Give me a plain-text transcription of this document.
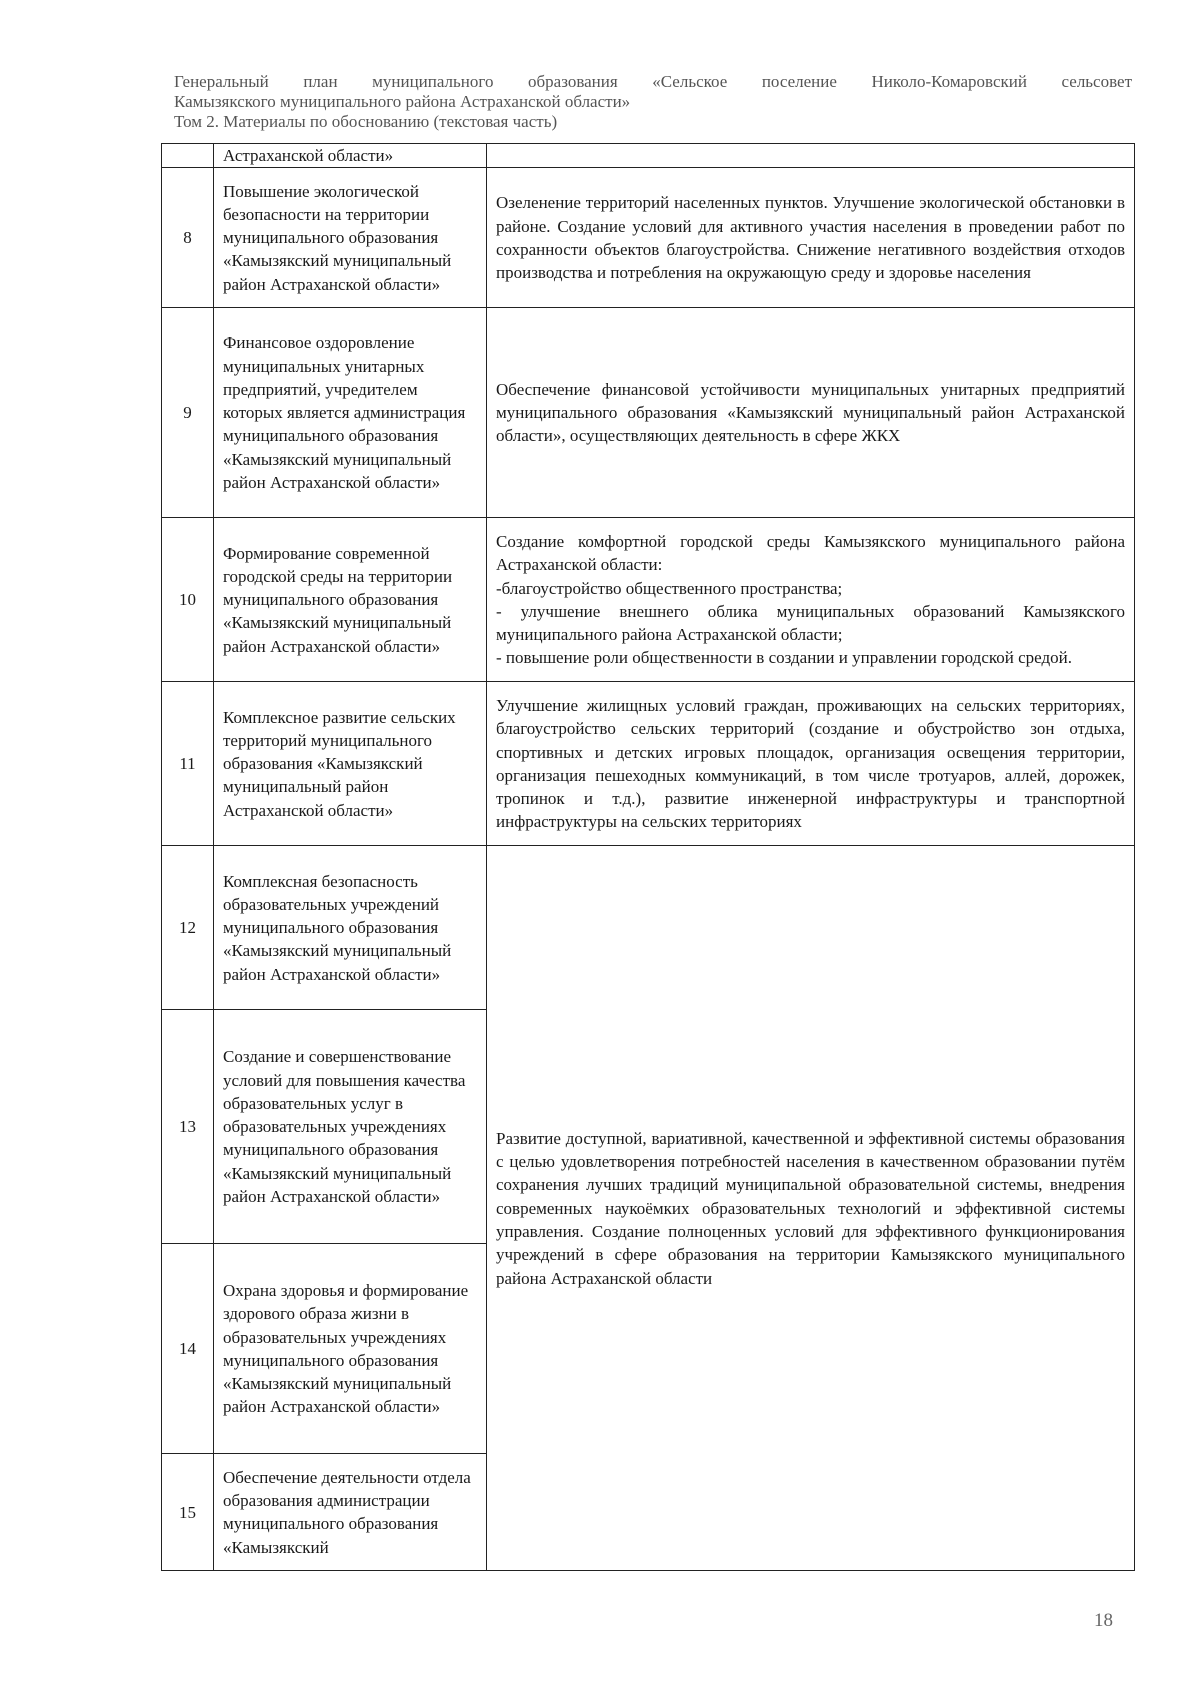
Генеральный план муниципального образования «Сельское поселение Николо-Комаровский сельсовет
Камызякского муниципального района Астраханской области»
Том 2. Материалы по обоснованию (текстовая часть)
	Астраханской области»	
8	Повышение экологической безопасности на территории муниципального образования «Камызякский муниципальный район Астраханской области»	Озеленение территорий населенных пунктов. Улучшение экологической обстановки в районе. Создание условий для активного участия населения в проведении работ по сохранности объектов благоустройства. Снижение негативного воздействия отходов производства и потребления на окружающую среду и здоровье населения
9	Финансовое оздоровление муниципальных унитарных предприятий, учредителем которых является администрация муниципального образования «Камызякский муниципальный район Астраханской области»	Обеспечение финансовой устойчивости муниципальных унитарных предприятий муниципального образования «Камызякский муниципальный район Астраханской области», осуществляющих деятельность в сфере ЖКХ
10	Формирование современной городской среды на территории муниципального образования «Камызякский муниципальный район Астраханской области»	Создание комфортной городской среды Камызякского муниципального района Астраханской области:
-благоустройство общественного пространства;
- улучшение внешнего облика муниципальных образований Камызякского муниципального района Астраханской области;
- повышение роли общественности в создании и управлении городской средой.

11	Комплексное развитие сельских территорий муниципального образования «Камызякский муниципальный район Астраханской области»	Улучшение жилищных условий граждан, проживающих на сельских территориях, благоустройство сельских территорий (создание и обустройство зон отдыха, спортивных и детских игровых площадок, организация освещения территории, организация пешеходных коммуникаций, в том числе тротуаров, аллей, дорожек, тропинок и т.д.), развитие инженерной инфраструктуры и транспортной инфраструктуры на сельских территориях
12	Комплексная безопасность образовательных учреждений муниципального образования «Камызякский муниципальный район Астраханской области»	Развитие доступной, вариативной, качественной и эффективной системы образования с целью удовлетворения потребностей населения в качественном образовании путём сохранения лучших традиций муниципальной образовательной системы, внедрения современных наукоёмких образовательных технологий и эффективной системы управления. Создание полноценных условий для эффективного функционирования учреждений в сфере образования на территории Камызякского муниципального района Астраханской области
13	Создание и совершенствование условий для повышения качества образовательных услуг в образовательных учреждениях муниципального образования «Камызякский муниципальный район Астраханской области»	
14	Охрана здоровья и формирование здорового образа жизни в образовательных учреждениях муниципального образования «Камызякский муниципальный район Астраханской области»	
15	Обеспечение деятельности отдела образования администрации муниципального образования «Камызякский	
18
